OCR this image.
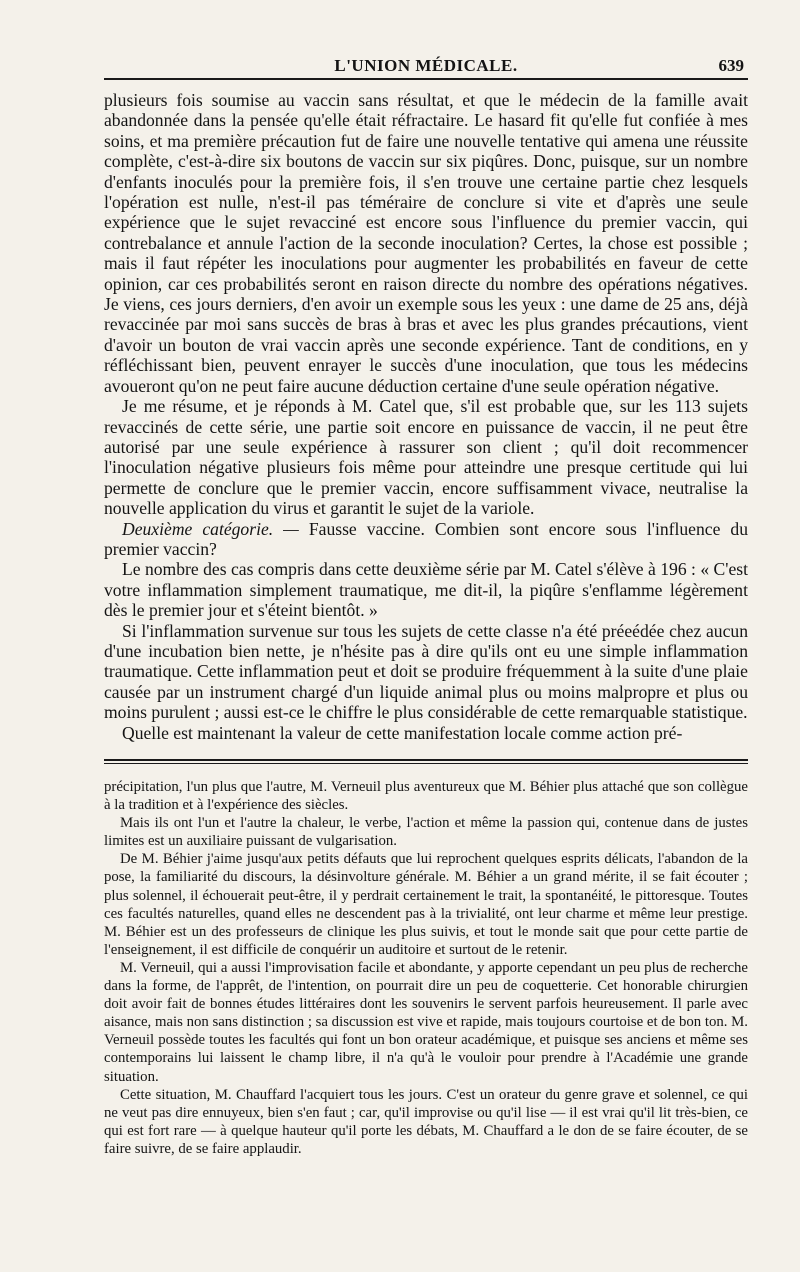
L'UNION MÉDICALE.	639

plusieurs fois soumise au vaccin sans résultat, et que le médecin de la famille avait abandonnée dans la pensée qu'elle était réfractaire. Le hasard fit qu'elle fut confiée à mes soins, et ma première précaution fut de faire une nouvelle tentative qui amena une réussite complète, c'est-à-dire six boutons de vaccin sur six piqûres. Donc, puisque, sur un nombre d'enfants inoculés pour la première fois, il s'en trouve une certaine partie chez lesquels l'opération est nulle, n'est-il pas téméraire de conclure si vite et d'après une seule expérience que le sujet revacciné est encore sous l'influence du premier vaccin, qui contrebalance et annule l'action de la seconde inoculation? Certes, la chose est possible ; mais il faut répéter les inoculations pour augmenter les probabilités en faveur de cette opinion, car ces probabilités seront en raison directe du nombre des opérations négatives. Je viens, ces jours derniers, d'en avoir un exemple sous les yeux : une dame de 25 ans, déjà revaccinée par moi sans succès de bras à bras et avec les plus grandes précautions, vient d'avoir un bouton de vrai vaccin après une seconde expérience. Tant de conditions, en y réfléchissant bien, peuvent enrayer le succès d'une inoculation, que tous les médecins avoueront qu'on ne peut faire aucune déduction certaine d'une seule opération négative.

Je me résume, et je réponds à M. Catel que, s'il est probable que, sur les 113 sujets revaccinés de cette série, une partie soit encore en puissance de vaccin, il ne peut être autorisé par une seule expérience à rassurer son client ; qu'il doit recommencer l'inoculation négative plusieurs fois même pour atteindre une presque certitude qui lui permette de conclure que le premier vaccin, encore suffisamment vivace, neutralise la nouvelle application du virus et garantit le sujet de la variole.

Deuxième catégorie. — Fausse vaccine. Combien sont encore sous l'influence du premier vaccin?

Le nombre des cas compris dans cette deuxième série par M. Catel s'élève à 196 : « C'est votre inflammation simplement traumatique, me dit-il, la piqûre s'enflamme légèrement dès le premier jour et s'éteint bientôt. »

Si l'inflammation survenue sur tous les sujets de cette classe n'a été préeédée chez aucun d'une incubation bien nette, je n'hésite pas à dire qu'ils ont eu une simple inflammation traumatique. Cette inflammation peut et doit se produire fréquemment à la suite d'une plaie causée par un instrument chargé d'un liquide animal plus ou moins malpropre et plus ou moins purulent ; aussi est-ce le chiffre le plus considérable de cette remarquable statistique.

Quelle est maintenant la valeur de cette manifestation locale comme action pré-

précipitation, l'un plus que l'autre, M. Verneuil plus aventureux que M. Béhier plus attaché que son collègue à la tradition et à l'expérience des siècles.

Mais ils ont l'un et l'autre la chaleur, le verbe, l'action et même la passion qui, contenue dans de justes limites est un auxiliaire puissant de vulgarisation.

De M. Béhier j'aime jusqu'aux petits défauts que lui reprochent quelques esprits délicats, l'abandon de la pose, la familiarité du discours, la désinvolture générale. M. Béhier a un grand mérite, il se fait écouter ; plus solennel, il échouerait peut-être, il y perdrait certainement le trait, la spontanéité, le pittoresque. Toutes ces facultés naturelles, quand elles ne descendent pas à la trivialité, ont leur charme et même leur prestige. M. Béhier est un des professeurs de clinique les plus suivis, et tout le monde sait que pour cette partie de l'enseignement, il est difficile de conquérir un auditoire et surtout de le retenir.

M. Verneuil, qui a aussi l'improvisation facile et abondante, y apporte cependant un peu plus de recherche dans la forme, de l'apprêt, de l'intention, on pourrait dire un peu de coquetterie. Cet honorable chirurgien doit avoir fait de bonnes études littéraires dont les souvenirs le servent parfois heureusement. Il parle avec aisance, mais non sans distinction ; sa discussion est vive et rapide, mais toujours courtoise et de bon ton. M. Verneuil possède toutes les facultés qui font un bon orateur académique, et puisque ses anciens et même ses contemporains lui laissent le champ libre, il n'a qu'à le vouloir pour prendre à l'Académie une grande situation.

Cette situation, M. Chauffard l'acquiert tous les jours. C'est un orateur du genre grave et solennel, ce qui ne veut pas dire ennuyeux, bien s'en faut ; car, qu'il improvise ou qu'il lise — il est vrai qu'il lit très-bien, ce qui est fort rare — à quelque hauteur qu'il porte les débats, M. Chauffard a le don de se faire écouter, de se faire suivre, de se faire applaudir.
